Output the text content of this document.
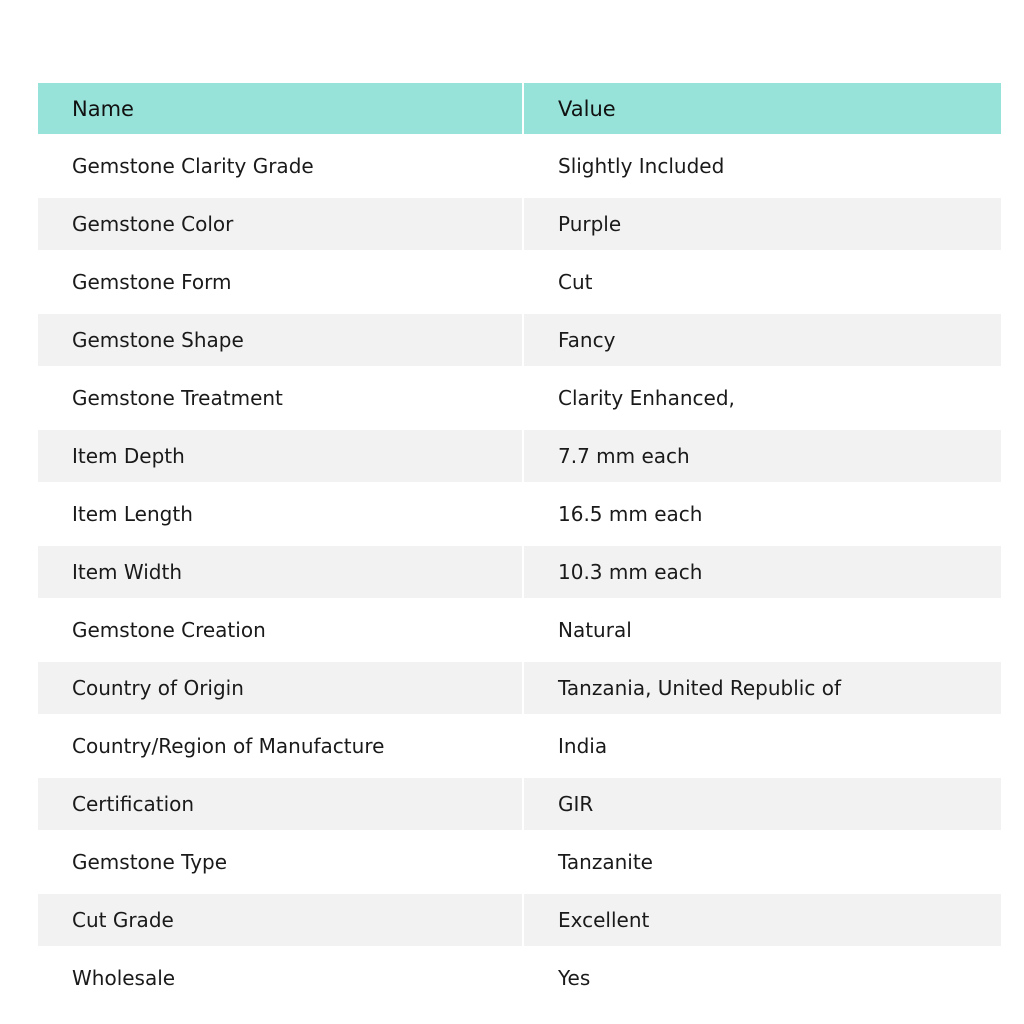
Name	Value
Gemstone Clarity Grade	Slightly Included
Gemstone Color	Purple
Gemstone Form	Cut
Gemstone Shape	Fancy
Gemstone Treatment	Clarity Enhanced,
Item Depth	7.7 mm each
Item Length	16.5 mm each
Item Width	10.3 mm each
Gemstone Creation	Natural
Country of Origin	Tanzania, United Republic of
Country/Region of Manufacture	India
Certification	GIR
Gemstone Type	Tanzanite
Cut Grade	Excellent
Wholesale	Yes
